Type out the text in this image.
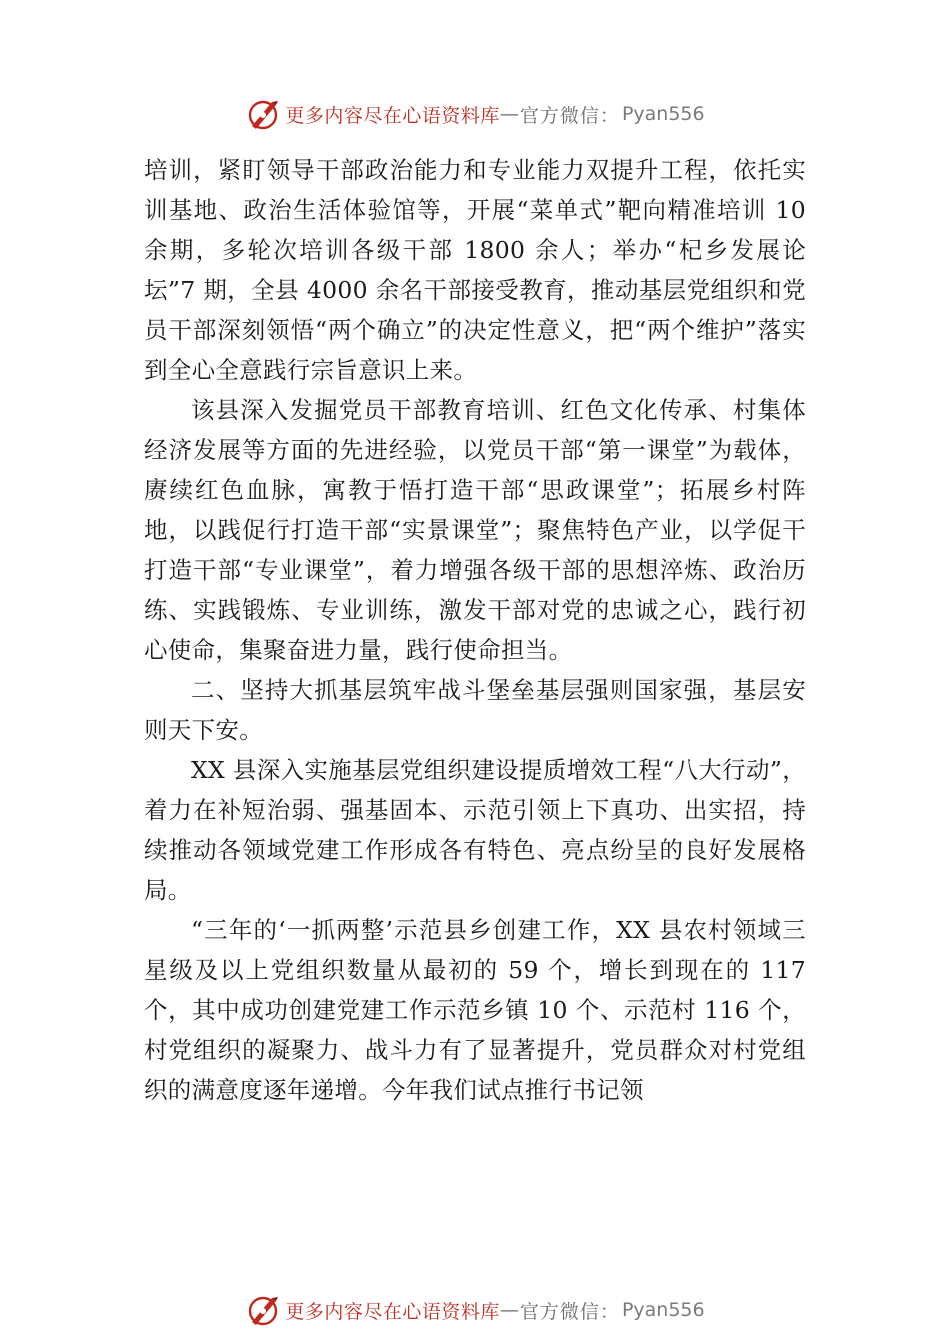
更多内容尽在心语资料库 — 官方微信： Pyan556

培训，紧盯领导干部政治能力和专业能力双提升工程，依托实训基地、政治生活体验馆等，开展“菜单式”靶向精准培训 10 余期，多轮次培训各级干部 1800 余人；举办“杞乡发展论坛”7 期，全县 4000 余名干部接受教育，推动基层党组织和党员干部深刻领悟“两个确立”的决定性意义，把“两个维护”落实到全心全意践行宗旨意识上来。

该县深入发掘党员干部教育培训、红色文化传承、村集体经济发展等方面的先进经验，以党员干部“第一课堂”为载体，赓续红色血脉，寓教于悟打造干部“思政课堂”；拓展乡村阵地，以践促行打造干部“实景课堂”；聚焦特色产业，以学促干打造干部“专业课堂”，着力增强各级干部的思想淬炼、政治历练、实践锻炼、专业训练，激发干部对党的忠诚之心，践行初心使命，集聚奋进力量，践行使命担当。

二、坚持大抓基层筑牢战斗堡垒基层强则国家强，基层安则天下安。

XX 县深入实施基层党组织建设提质增效工程“八大行动”，着力在补短治弱、强基固本、示范引领上下真功、出实招，持续推动各领域党建工作形成各有特色、亮点纷呈的良好发展格局。

“三年的‘一抓两整’示范县乡创建工作，XX 县农村领域三星级及以上党组织数量从最初的 59 个，增长到现在的 117 个，其中成功创建党建工作示范乡镇 10 个、示范村 116 个，村党组织的凝聚力、战斗力有了显著提升，党员群众对村党组织的满意度逐年递增。今年我们试点推行书记领

更多内容尽在心语资料库 — 官方微信： Pyan556
